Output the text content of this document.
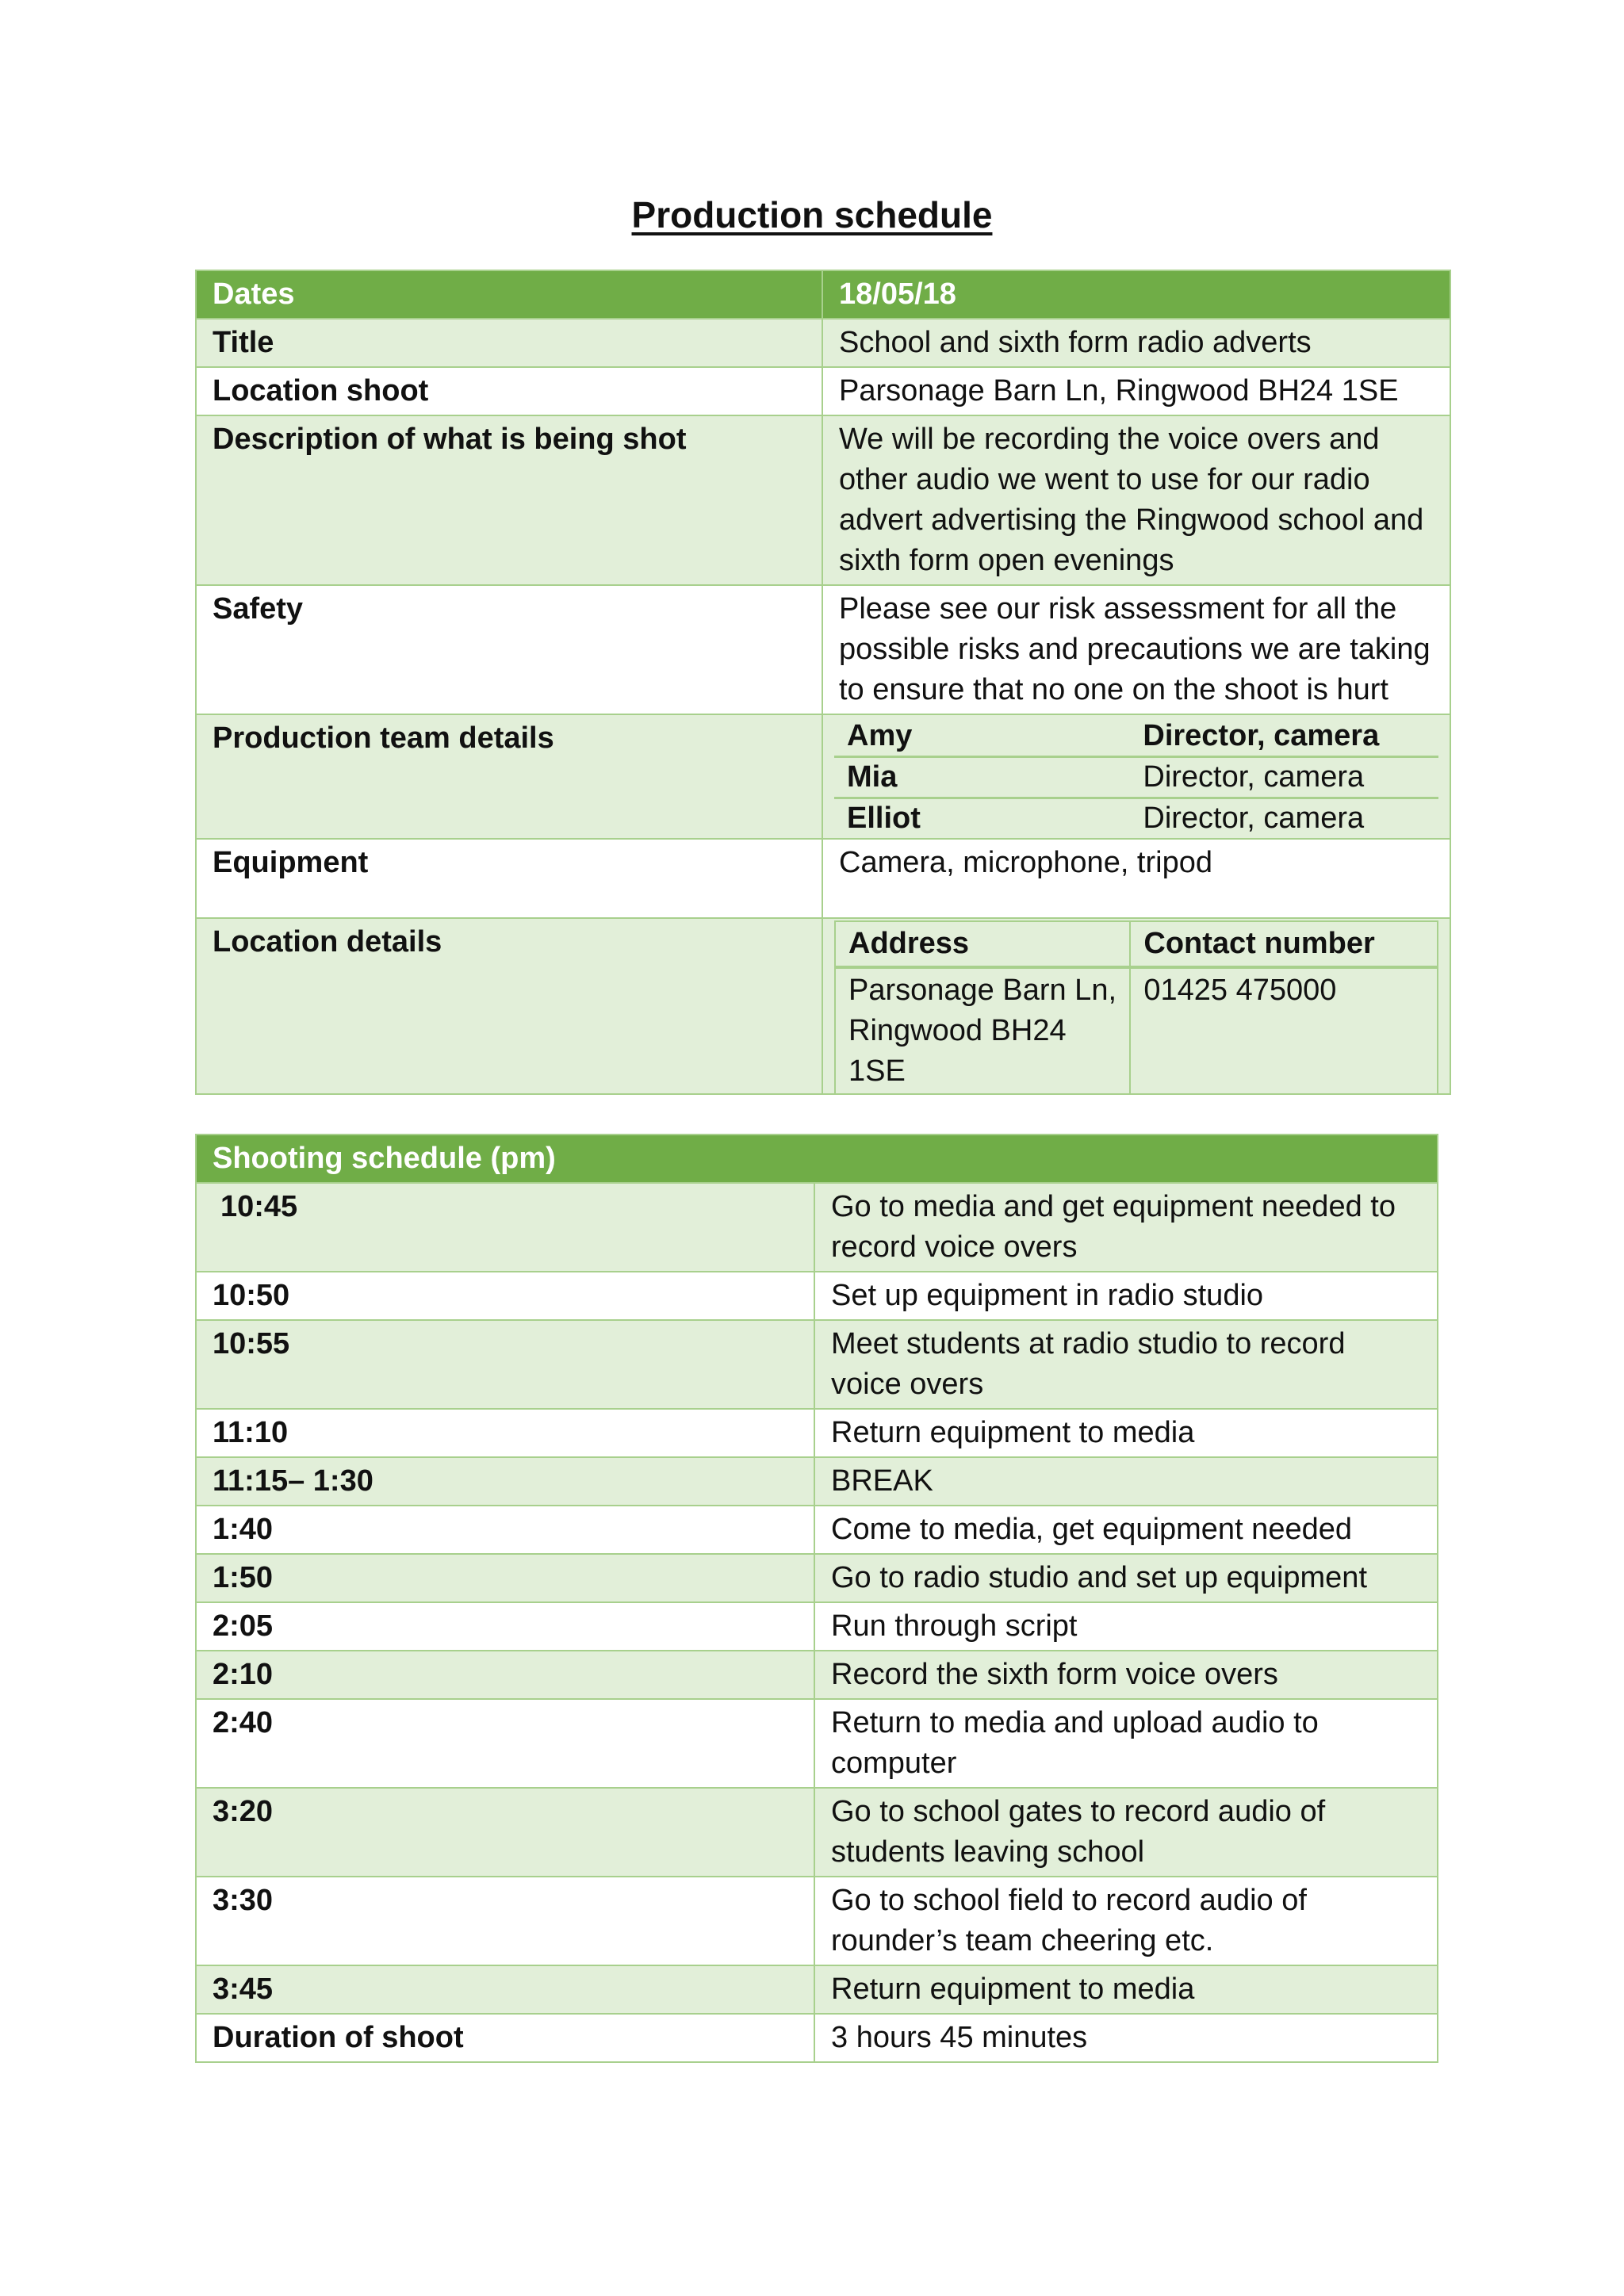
Production schedule
Dates	18/05/18
Title	School and sixth form radio adverts
Location shoot	Parsonage Barn Ln, Ringwood BH24 1SE
Description of what is being shot	We will be recording the voice overs and other audio we went to use for our radio advert advertising the Ringwood school and sixth form open evenings
Safety	Please see our risk assessment for all the possible risks and precautions we are taking to ensure that no one on the shoot is hurt
Production team details		Amy	Director, camera
Mia	Director, camera
Elliot	Director, camera

Equipment	Camera, microphone, tripod
Location details		Address	Contact number
Parsonage Barn Ln, Ringwood BH24 1SE	01425 475000
Shooting schedule (pm)	
10:45	Go to media and get equipment needed to record voice overs
10:50	Set up equipment in radio studio
10:55	Meet students at radio studio to record voice overs
11:10	Return equipment to media
11:15– 1:30	BREAK
1:40	Come to media, get equipment needed
1:50	Go to radio studio and set up equipment
2:05	Run through script
2:10	Record the sixth form voice overs
2:40	Return to media and upload audio to computer
3:20	Go to school gates to record audio of students leaving school
3:30	Go to school field to record audio of rounder’s team cheering etc.
3:45	Return equipment to media
Duration of shoot	3 hours 45 minutes
